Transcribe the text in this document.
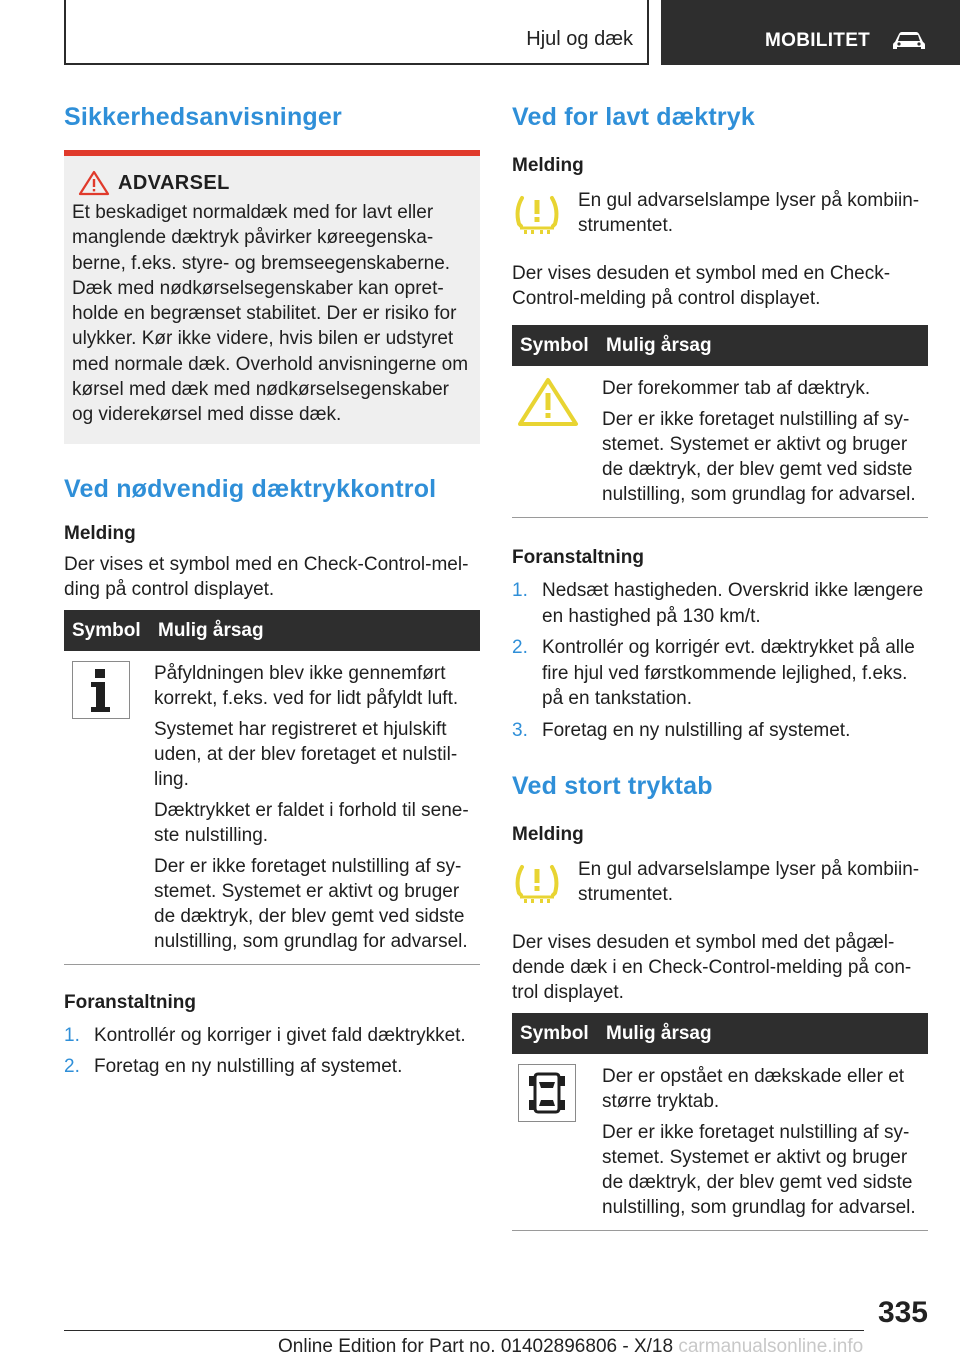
Hjul og dæk	MOBILITET
Sikkerhedsanvisninger
ADVARSEL

Et beskadiget normaldæk med for lavt eller manglende dæktryk påvirker køreegenskaberne, f.eks. styre- og bremseegenskaberne. Dæk med nødkørselsegenskaber kan opretholde en begrænset stabilitet. Der er risiko for ulykker. Kør ikke videre, hvis bilen er udstyret med normale dæk. Overhold anvisningerne om kørsel med dæk med nødkørselsegenskaber og viderekørsel med disse dæk.

Ved nødvendig dæktrykkontrol
Melding

Der vises et symbol med en Check-Control-melding på control displayet.

Symbol	Mulig årsag

Påfyldningen blev ikke gennemført korrekt, f.eks. ved for lidt påfyldt luft.

Systemet har registreret et hjulskift uden, at der blev foretaget et nulstilling.

Dæktrykket er faldet i forhold til seneste nulstilling.

Der er ikke foretaget nulstilling af systemet. Systemet er aktivt og bruger de dæktryk, der blev gemt ved sidste nulstilling, som grundlag for advarsel.

Foranstaltning
1. Kontrollér og korriger i givet fald dæktrykket.
2. Foretag en ny nulstilling af systemet.
Ved for lavt dæktryk
Melding

En gul advarselslampe lyser på kombiinstrumentet.

Der vises desuden et symbol med en Check-Control-melding på control displayet.

Symbol	Mulig årsag

Der forekommer tab af dæktryk.

Der er ikke foretaget nulstilling af systemet. Systemet er aktivt og bruger de dæktryk, der blev gemt ved sidste nulstilling, som grundlag for advarsel.

Foranstaltning
1. Nedsæt hastigheden. Overskrid ikke længere en hastighed på 130 km/t.
2. Kontrollér og korrigér evt. dæktrykket på alle fire hjul ved førstkommende lejlighed, f.eks. på en tankstation.
3. Foretag en ny nulstilling af systemet.
Ved stort tryktab
Melding

En gul advarselslampe lyser på kombiinstrumentet.

Der vises desuden et symbol med det pågældende dæk i en Check-Control-melding på control displayet.

Symbol	Mulig årsag

Der er opstået en dækskade eller et større tryktab.

Der er ikke foretaget nulstilling af systemet. Systemet er aktivt og bruger de dæktryk, der blev gemt ved sidste nulstilling, som grundlag for advarsel.

335
Online Edition for Part no. 01402896806 - X/18 carmanualsonline.info
